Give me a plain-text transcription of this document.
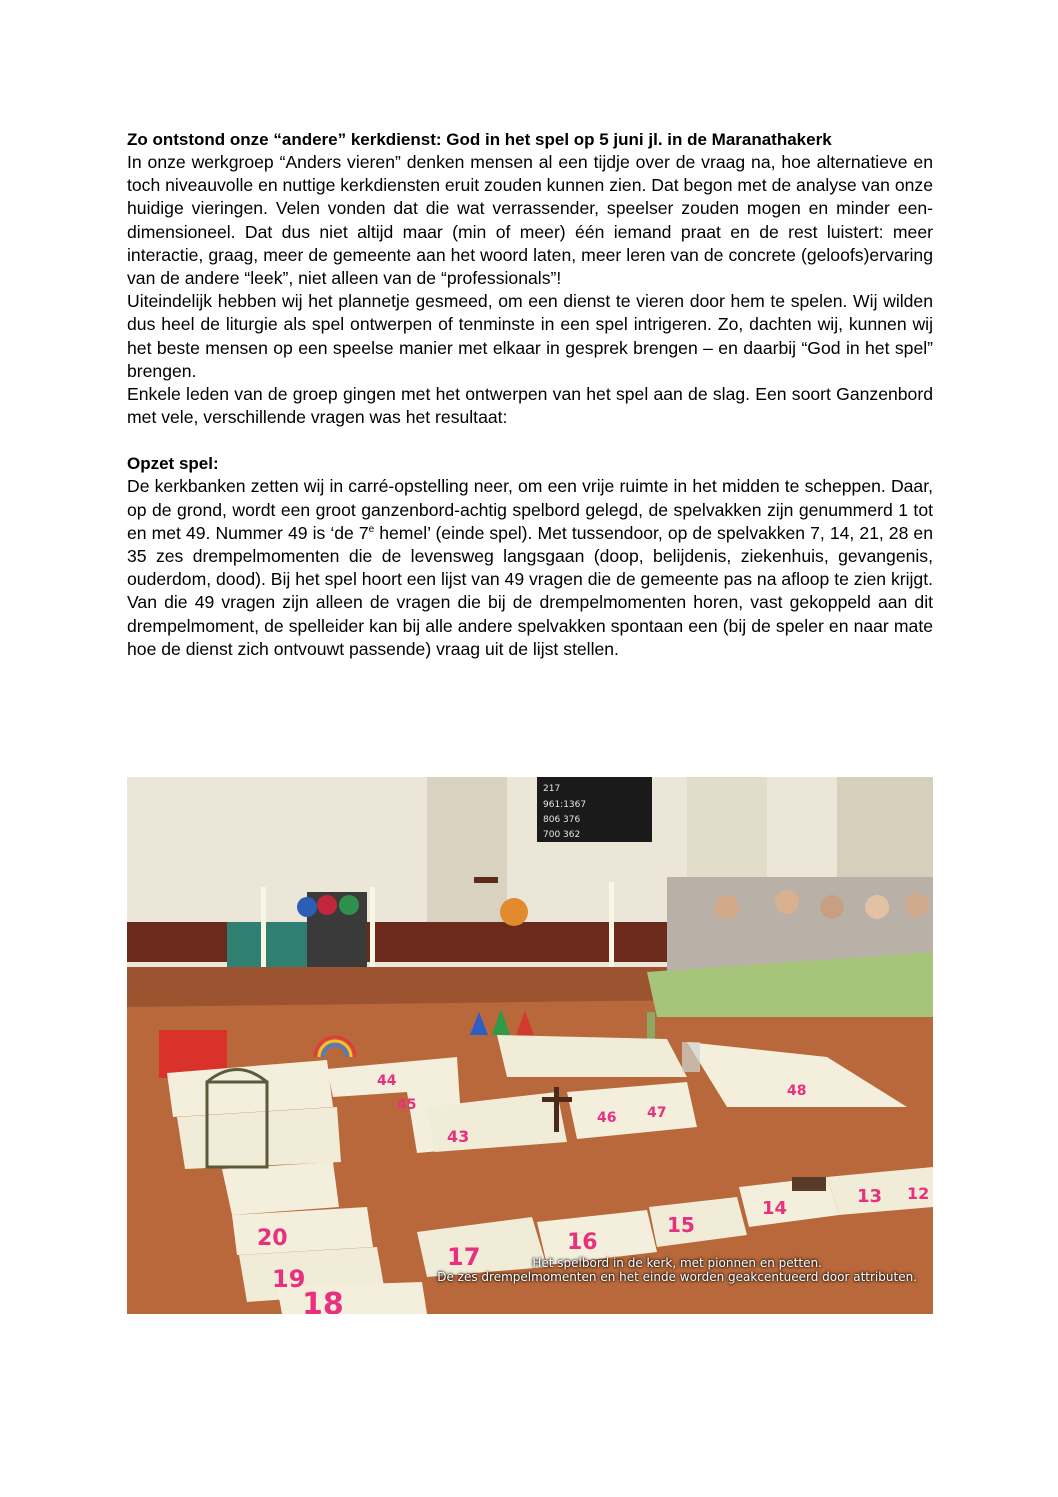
Zo ontstond onze “andere” kerkdienst: God in het spel op 5 juni jl. in de Maranathakerk

In onze werkgroep “Anders vieren” denken mensen al een tijdje over de vraag na, hoe alternatieve en toch niveauvolle en nuttige kerkdiensten eruit zouden kunnen zien. Dat begon met de analyse van onze huidige vieringen. Velen vonden dat die wat verrassender, speelser zouden mogen en minder een-dimensioneel. Dat dus niet altijd maar (min of meer) één iemand praat en de rest luistert: meer interactie, graag, meer de gemeente aan het woord laten, meer leren van de concrete (geloofs)ervaring van de andere “leek”, niet alleen van de “professionals”!

Uiteindelijk hebben wij het plannetje gesmeed, om een dienst te vieren door hem te spelen. Wij wilden dus heel de liturgie als spel ontwerpen of tenminste in een spel intrigeren. Zo, dachten wij, kunnen wij het beste mensen op een speelse manier met elkaar in gesprek brengen – en daarbij “God in het spel” brengen.

Enkele leden van de groep gingen met het ontwerpen van het spel aan de slag. Een soort Ganzenbord met vele, verschillende vragen was het resultaat:

Opzet spel:

De kerkbanken zetten wij in carré-opstelling neer, om een vrije ruimte in het midden te scheppen. Daar, op de grond, wordt een groot ganzenbord-achtig spelbord gelegd, de spelvakken zijn genummerd 1 tot en met 49. Nummer 49 is ‘de 7e hemel’ (einde spel). Met tussendoor, op de spelvakken 7, 14, 21, 28 en 35 zes drempelmomenten die de levensweg langsgaan (doop, belijdenis, ziekenhuis, gevangenis, ouderdom, dood). Bij het spel hoort een lijst van 49 vragen die de gemeente pas na afloop te zien krijgt. Van die 49 vragen zijn alleen de vragen die bij de drempelmomenten horen, vast gekoppeld aan dit drempelmoment, de spelleider kan bij alle andere spelvakken spontaan een (bij de speler en naar mate hoe de dienst zich ontvouwt passende) vraag uit de lijst stellen.

217
961:1367
806 376
700 362
20
19
18
17
16
15
14
13 12
43
44
45
46 47
48
Het spelbord in de kerk, met pionnen en petten.
De zes drempelmomenten en het einde worden geakcentueerd door attributen.
